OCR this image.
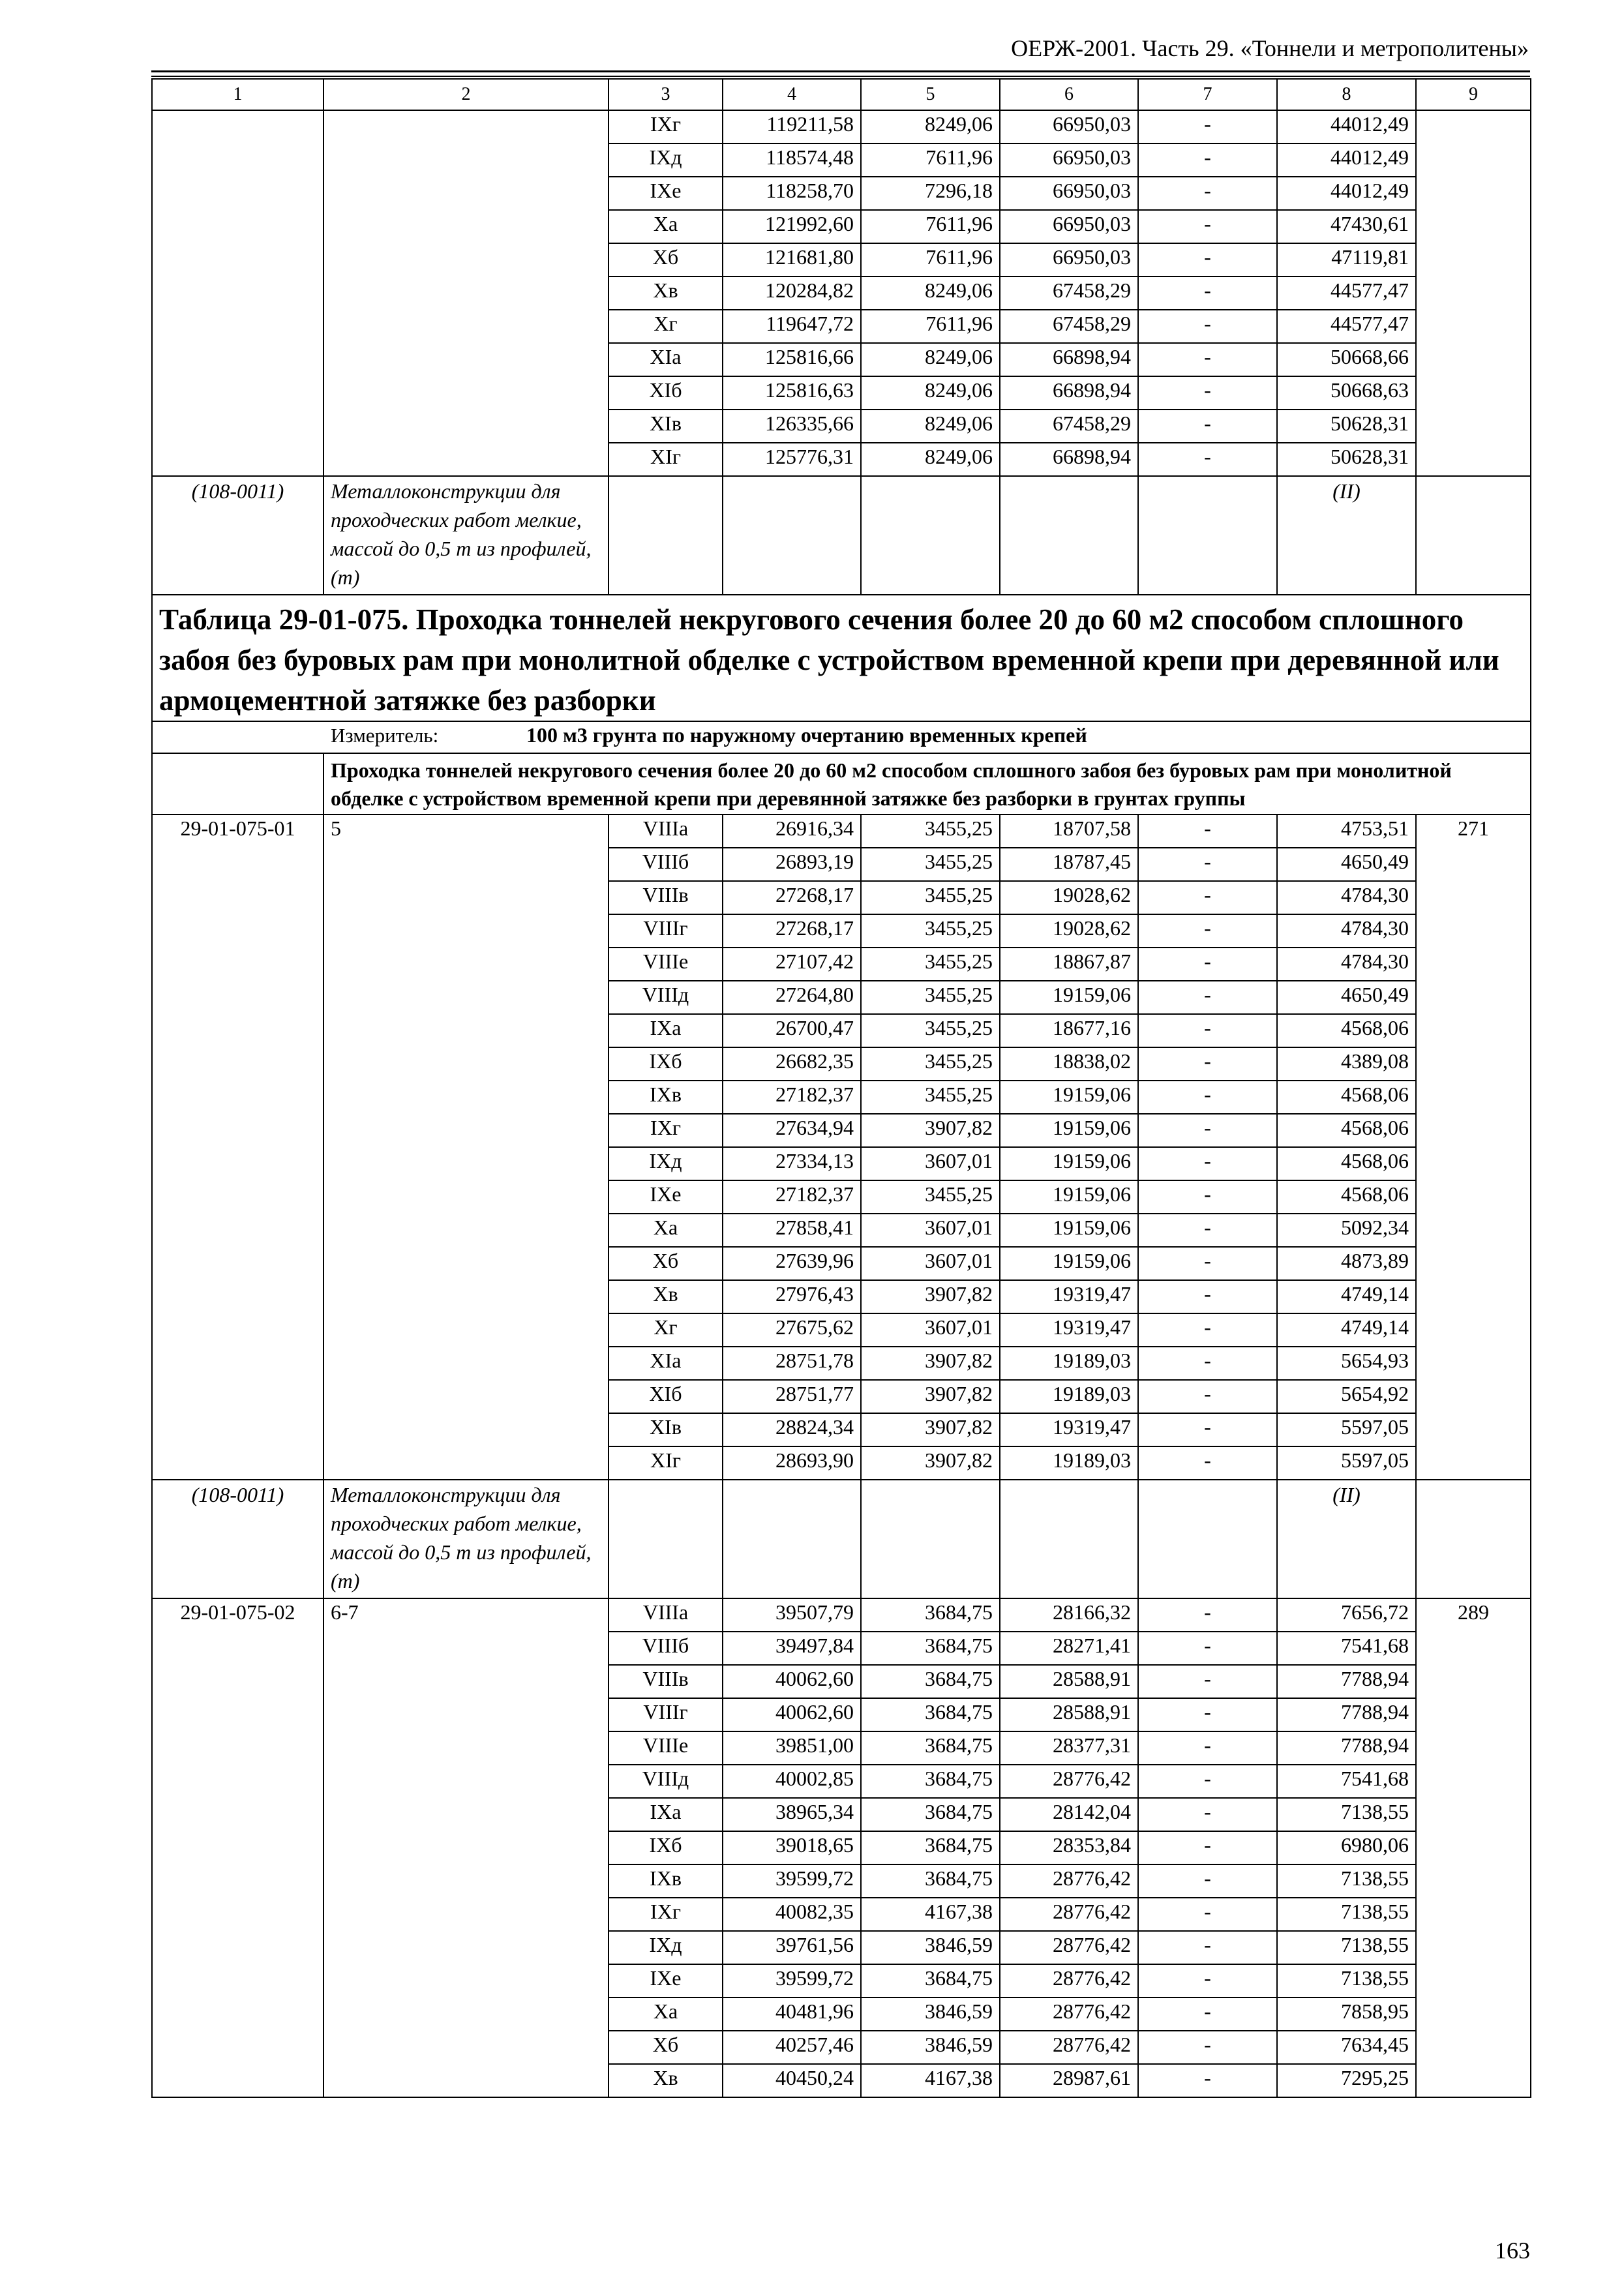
ОЕРЖ-2001. Часть 29. «Тоннели и метрополитены»
1	2	3	4	5	6	7	8	9
		IXг	119211,58	8249,06	66950,03	-	44012,49	
		IXд	118574,48	7611,96	66950,03	-	44012,49	
		IXе	118258,70	7296,18	66950,03	-	44012,49	
		Xа	121992,60	7611,96	66950,03	-	47430,61	
		Xб	121681,80	7611,96	66950,03	-	47119,81	
		Xв	120284,82	8249,06	67458,29	-	44577,47	
		Xг	119647,72	7611,96	67458,29	-	44577,47	
		XIа	125816,66	8249,06	66898,94	-	50668,66	
		XIб	125816,63	8249,06	66898,94	-	50668,63	
		XIв	126335,66	8249,06	67458,29	-	50628,31	
		XIг	125776,31	8249,06	66898,94	-	50628,31	
(108-0011)	Металлоконструкции для проходческих работ мелкие, массой до 0,5 т из профилей, (т)						(II)	
Таблица 29-01-075. Проходка тоннелей некругового сечения более 20 до 60 м2 способом сплошного забоя без буровых рам при монолитной обделке с устройством временной крепи при деревянной или армоцементной затяжке без разборки								
Измеритель: 100 м3 грунта по наружному очертанию временных крепей								
	Проходка тоннелей некругового сечения более 20 до 60 м2 способом сплошного забоя без буровых рам при монолитной обделке с устройством временной крепи при деревянной затяжке без разборки в грунтах группы							
29-01-075-01	5	VIIIа	26916,34	3455,25	18707,58	-	4753,51	271
		VIIIб	26893,19	3455,25	18787,45	-	4650,49	
		VIIIв	27268,17	3455,25	19028,62	-	4784,30	
		VIIIг	27268,17	3455,25	19028,62	-	4784,30	
		VIIIе	27107,42	3455,25	18867,87	-	4784,30	
		VIIIд	27264,80	3455,25	19159,06	-	4650,49	
		IXа	26700,47	3455,25	18677,16	-	4568,06	
		IXб	26682,35	3455,25	18838,02	-	4389,08	
		IXв	27182,37	3455,25	19159,06	-	4568,06	
		IXг	27634,94	3907,82	19159,06	-	4568,06	
		IXд	27334,13	3607,01	19159,06	-	4568,06	
		IXе	27182,37	3455,25	19159,06	-	4568,06	
		Xа	27858,41	3607,01	19159,06	-	5092,34	
		Xб	27639,96	3607,01	19159,06	-	4873,89	
		Xв	27976,43	3907,82	19319,47	-	4749,14	
		Xг	27675,62	3607,01	19319,47	-	4749,14	
		XIа	28751,78	3907,82	19189,03	-	5654,93	
		XIб	28751,77	3907,82	19189,03	-	5654,92	
		XIв	28824,34	3907,82	19319,47	-	5597,05	
		XIг	28693,90	3907,82	19189,03	-	5597,05	
(108-0011)	Металлоконструкции для проходческих работ мелкие, массой до 0,5 т из профилей, (т)						(II)	
29-01-075-02	6-7	VIIIа	39507,79	3684,75	28166,32	-	7656,72	289
		VIIIб	39497,84	3684,75	28271,41	-	7541,68	
		VIIIв	40062,60	3684,75	28588,91	-	7788,94	
		VIIIг	40062,60	3684,75	28588,91	-	7788,94	
		VIIIе	39851,00	3684,75	28377,31	-	7788,94	
		VIIIд	40002,85	3684,75	28776,42	-	7541,68	
		IXа	38965,34	3684,75	28142,04	-	7138,55	
		IXб	39018,65	3684,75	28353,84	-	6980,06	
		IXв	39599,72	3684,75	28776,42	-	7138,55	
		IXг	40082,35	4167,38	28776,42	-	7138,55	
		IXд	39761,56	3846,59	28776,42	-	7138,55	
		IXе	39599,72	3684,75	28776,42	-	7138,55	
		Xа	40481,96	3846,59	28776,42	-	7858,95	
		Xб	40257,46	3846,59	28776,42	-	7634,45	
		Xв	40450,24	4167,38	28987,61	-	7295,25	
163
